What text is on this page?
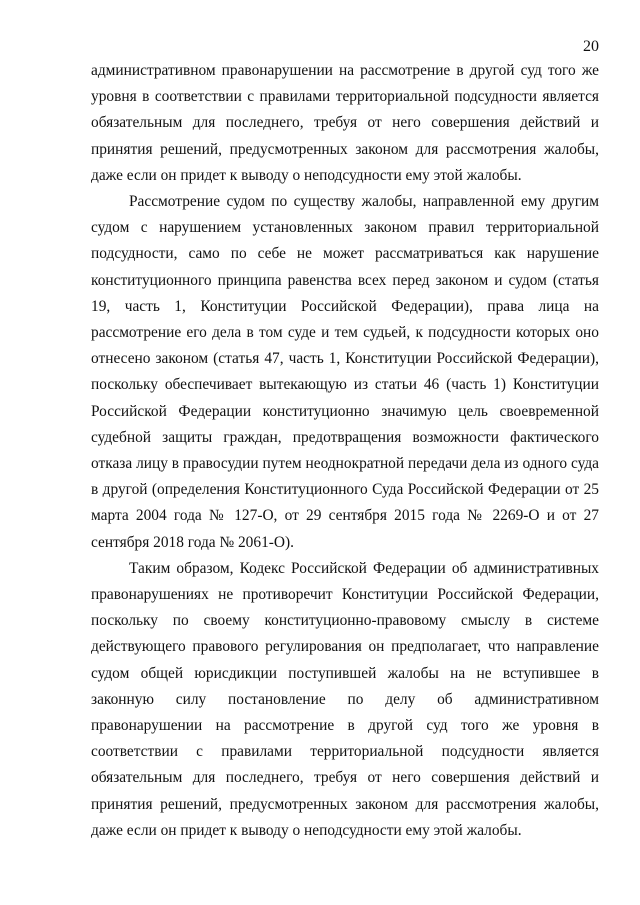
20

административном правонарушении на рассмотрение в другой суд того же уровня в соответствии с правилами территориальной подсудности является обязательным для последнего, требуя от него совершения действий и принятия решений, предусмотренных законом для рассмотрения жалобы, даже если он придет к выводу о неподсудности ему этой жалобы.

Рассмотрение судом по существу жалобы, направленной ему другим судом с нарушением установленных законом правил территориальной подсудности, само по себе не может рассматриваться как нарушение конституционного принципа равенства всех перед законом и судом (статья 19, часть 1, Конституции Российской Федерации), права лица на рассмотрение его дела в том суде и тем судьей, к подсудности которых оно отнесено законом (статья 47, часть 1, Конституции Российской Федерации), поскольку обеспечивает вытекающую из статьи 46 (часть 1) Конституции Российской Федерации конституционно значимую цель своевременной судебной защиты граждан, предотвращения возможности фактического отказа лицу в правосудии путем неоднократной передачи дела из одного суда в другой (определения Конституционного Суда Российской Федерации от 25 марта 2004 года № 127-О, от 29 сентября 2015 года № 2269-О и от 27 сентября 2018 года № 2061-О).

Таким образом, Кодекс Российской Федерации об административных правонарушениях не противоречит Конституции Российской Федерации, поскольку по своему конституционно-правовому смыслу в системе действующего правового регулирования он предполагает, что направление судом общей юрисдикции поступившей жалобы на не вступившее в законную силу постановление по делу об административном правонарушении на рассмотрение в другой суд того же уровня в соответствии с правилами территориальной подсудности является обязательным для последнего, требуя от него совершения действий и принятия решений, предусмотренных законом для рассмотрения жалобы, даже если он придет к выводу о неподсудности ему этой жалобы.
